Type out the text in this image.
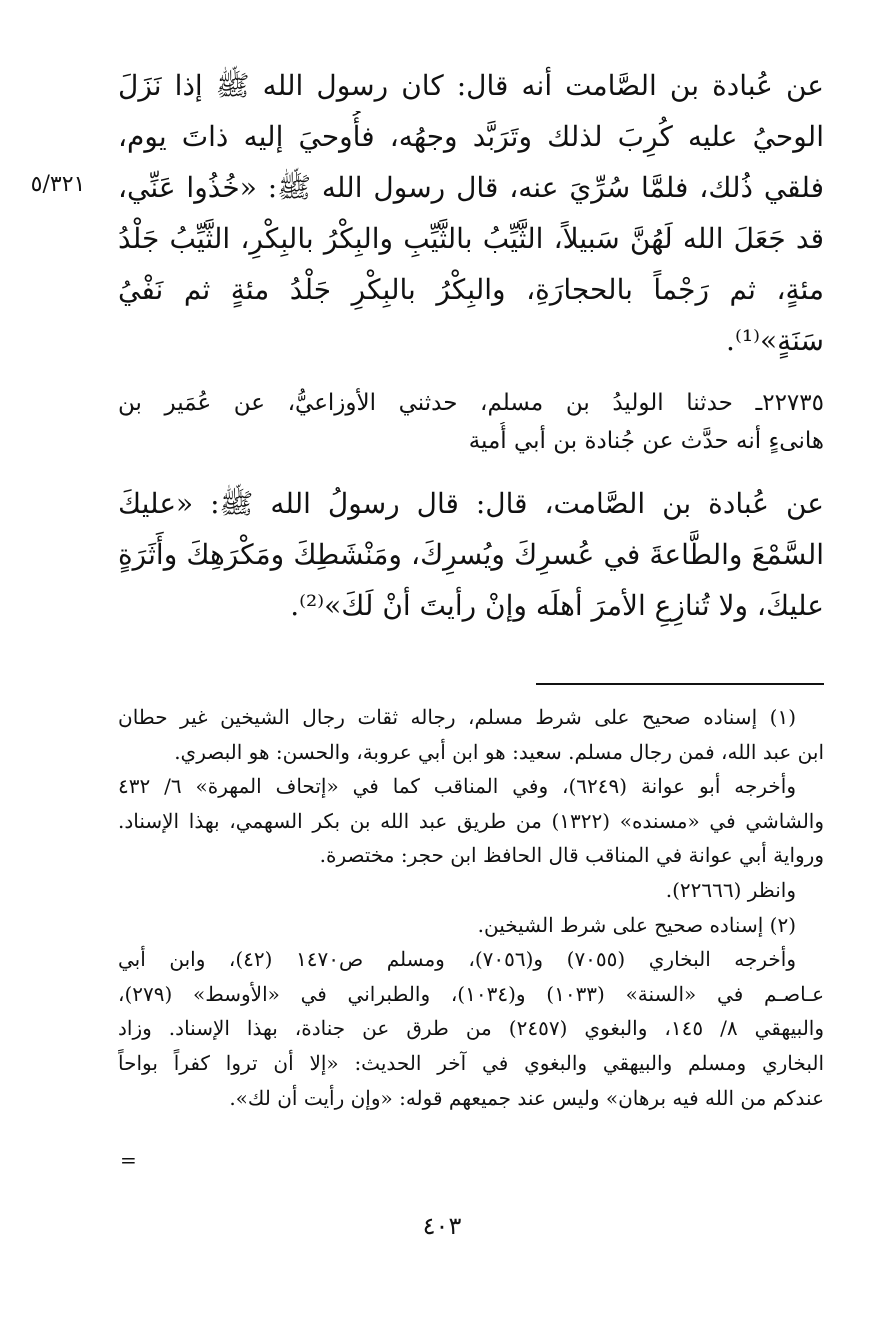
٥/٣٢١
عن عُبادة بن الصَّامت أنه قال: كان رسول الله ﷺ إذا نَزَلَ
الوحيُ عليه كُرِبَ لذلك وتَرَبَّد وجهُه، فأُوحيَ إليه ذاتَ يوم،
فلقي ذُلك، فلمَّا سُرِّيَ عنه، قال رسول الله ﷺ: «خُذُوا عَنِّي،
قد جَعَلَ الله لَهُنَّ سَبيلاً، الثَّيِّبُ بالثَّيِّبِ والبِكْرُ بالبِكْرِ، الثَّيِّبُ جَلْدُ
مئةٍ، ثم رَجْماً بالحجارَةِ، والبِكْرُ بالبِكْرِ جَلْدُ مئةٍ ثم نَفْيُ
سَنَةٍ»⁽¹⁾.
٢٢٧٣٥ـ حدثنا الوليدُ بن مسلم، حدثني الأوزاعيُّ، عن عُمَير بن
هانىءٍ أنه حدَّث عن جُنادة بن أبي أُمية
عن عُبادة بن الصَّامت، قال: قال رسولُ الله ﷺ: «عليكَ
السَّمْعَ والطَّاعةَ في عُسرِكَ ويُسرِكَ، ومَنْشَطِكَ ومَكْرَهِكَ وأَثَرَةٍ
عليكَ، ولا تُنازِعِ الأمرَ أهلَه وإنْ رأيتَ أنْ لَكَ»⁽²⁾.
(١) إسناده صحيح على شرط مسلم، رجاله ثقات رجال الشيخين غير حطان
ابن عبد الله، فمن رجال مسلم. سعيد: هو ابن أبي عروبة، والحسن: هو البصري.
وأخرجه أبو عوانة (٦٢٤٩)، وفي المناقب كما في «إتحاف المهرة» ٦/ ٤٣٢
والشاشي في «مسنده» (١٣٢٢) من طريق عبد الله بن بكر السهمي، بهذا الإسناد.
ورواية أبي عوانة في المناقب قال الحافظ ابن حجر: مختصرة.
وانظر (٢٢٦٦٦).
(٢) إسناده صحيح على شرط الشيخين.
وأخرجه البخاري (٧٠٥٥) و(٧٠٥٦)، ومسلم ص١٤٧٠ (٤٢)، وابن أبي
عـاصـم في «السنة» (١٠٣٣) و(١٠٣٤)، والطبراني في «الأوسط» (٢٧٩)،
والبيهقي ٨/ ١٤٥، والبغوي (٢٤٥٧) من طرق عن جنادة، بهذا الإسناد. وزاد
البخاري ومسلم والبيهقي والبغوي في آخر الحديث: «إلا أن تروا كفراً بواحاً
عندكم من الله فيه برهان» وليس عند جميعهم قوله: «وإن رأيت أن لك».
=
٤٠٣
